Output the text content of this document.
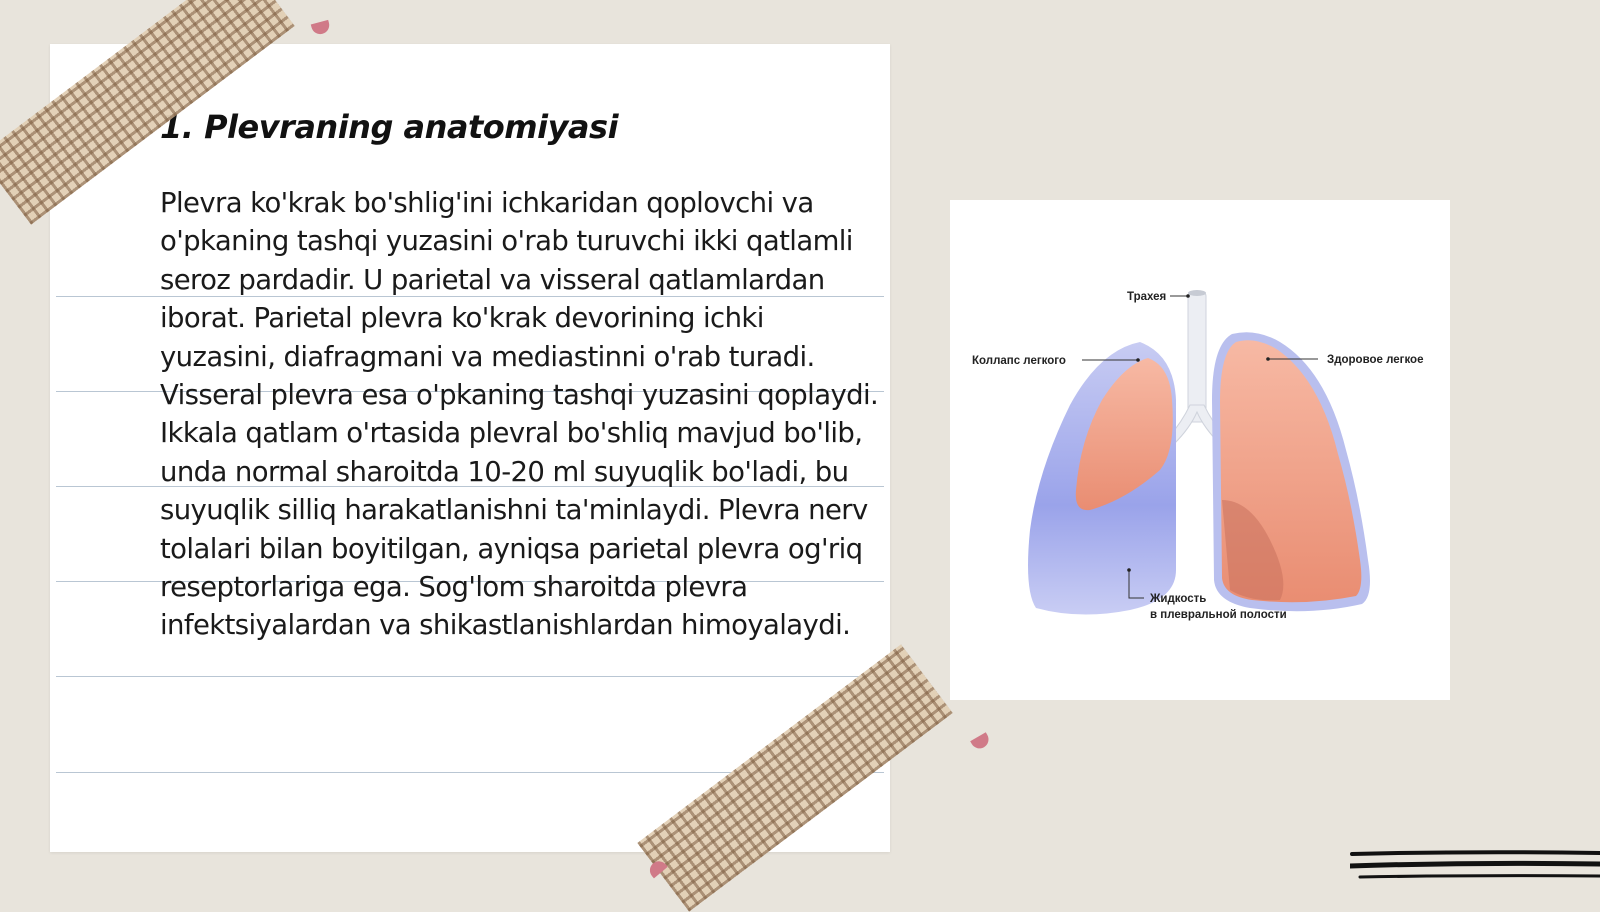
1. Plevraning anatomiyasi

Plevra ko'krak bo'shlig'ini ichkaridan qoplovchi va o'pkaning tashqi yuzasini o'rab turuvchi ikki qatlamli seroz pardadir. U parietal va visseral qatlamlardan iborat. Parietal plevra ko'krak devorining ichki yuzasini, diafragmani va mediastinni o'rab turadi. Visseral plevra esa o'pkaning tashqi yuzasini qoplaydi. Ikkala qatlam o'rtasida plevral bo'shliq mavjud bo'lib, unda normal sharoitda 10-20 ml suyuqlik bo'ladi, bu suyuqlik silliq harakatlanishni ta'minlaydi. Plevra nerv tolalari bilan boyitilgan, ayniqsa parietal plevra og'riq reseptorlariga ega. Sog'lom sharoitda plevra infektsiyalardan va shikastlanishlardan himoyalaydi.

Трахея
Коллапс легкого	Здоровое легкое
Жидкость
в плевральной полости
